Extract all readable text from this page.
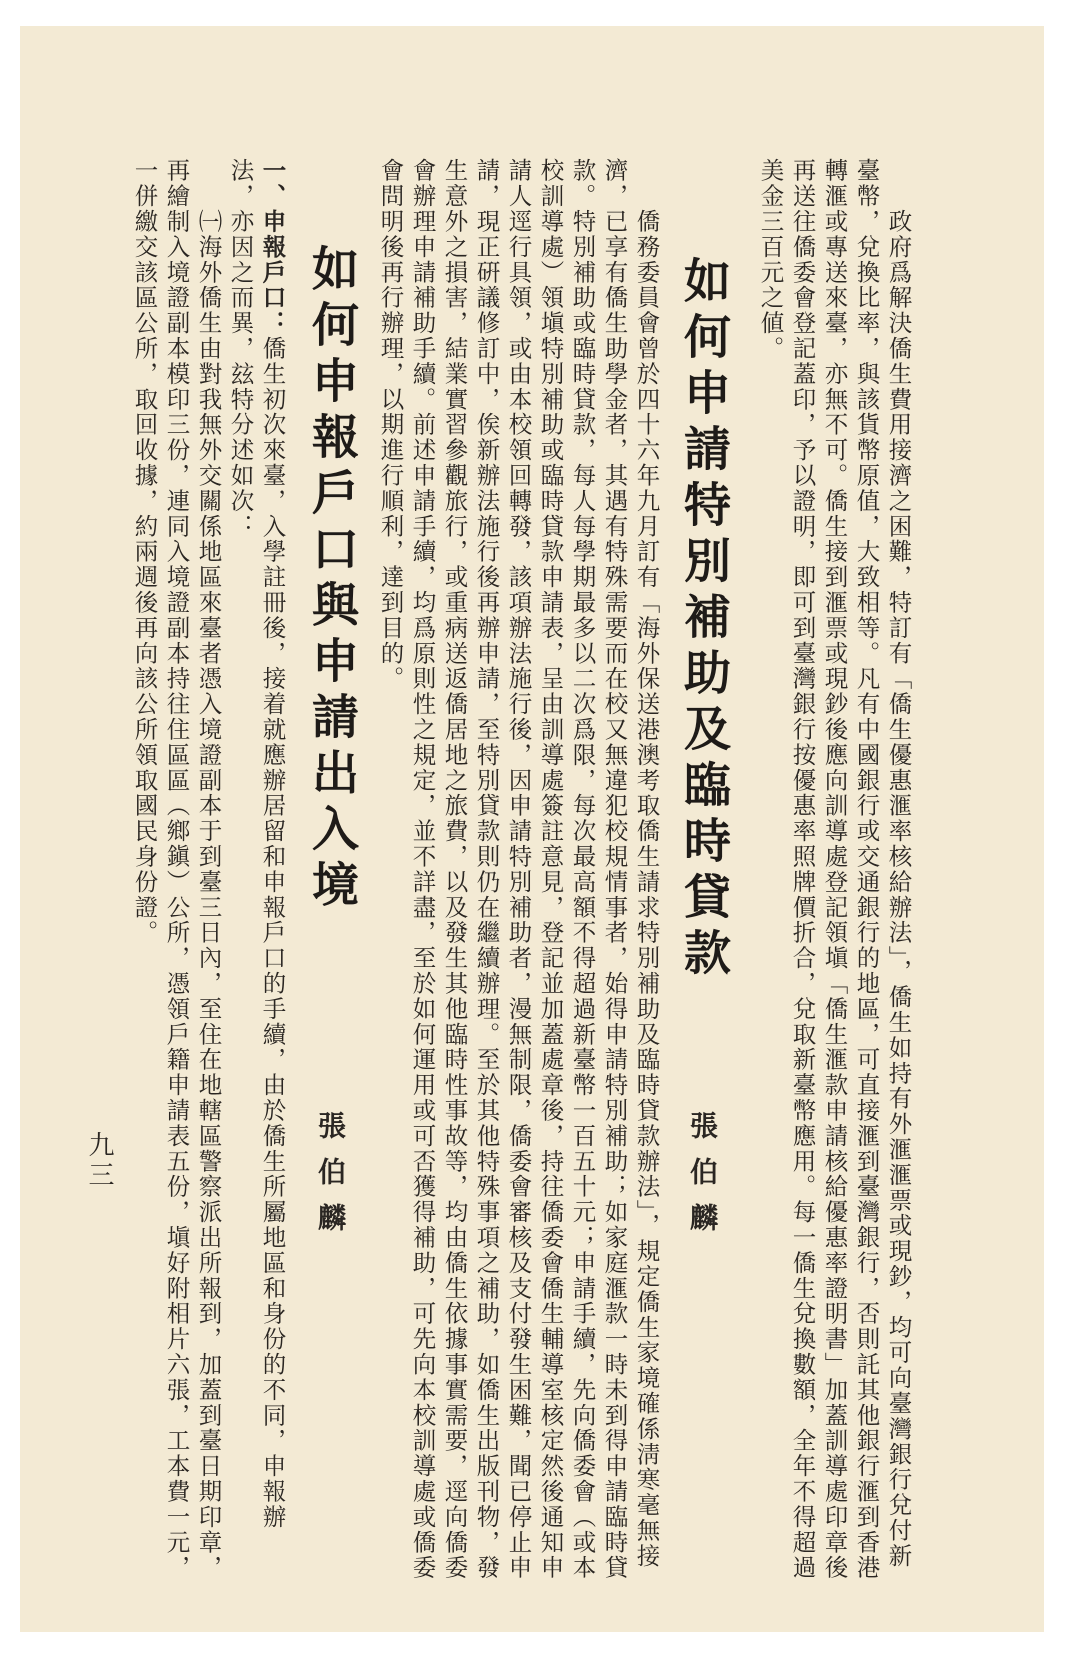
　　政府爲解決僑生費用接濟之困難，特訂有「僑生優惠滙率核給辦法」，僑生如持有外滙滙票或現鈔，均可向臺灣銀行兌付新

臺幣，兌換比率，與該貨幣原值，大致相等。凡有中國銀行或交通銀行的地區，可直接滙到臺灣銀行，否則託其他銀行滙到香港

轉滙或專送來臺，亦無不可。僑生接到滙票或現鈔後應向訓導處登記領塡「僑生滙款申請核給優惠率證明書」加蓋訓導處印章後

再送往僑委會登記蓋印，予以證明，即可到臺灣銀行按優惠率照牌價折合，兌取新臺幣應用。每一僑生兌換數額，全年不得超過

美金三百元之値。

如何申請特別補助及臨時貸款

張伯麟

　　僑務委員會曾於四十六年九月訂有「海外保送港澳考取僑生請求特別補助及臨時貸款辦法」，規定僑生家境確係淸寒毫無接

濟，已享有僑生助學金者，其遇有特殊需要而在校又無違犯校規情事者，始得申請特別補助；如家庭滙款一時未到得申請臨時貸

款。特別補助或臨時貸款，每人每學期最多以二次爲限，每次最高額不得超過新臺幣一百五十元；申請手續，先向僑委會（或本

校訓導處）領塡特別補助或臨時貸款申請表，呈由訓導處簽註意見，登記並加蓋處章後，持往僑委會僑生輔導室核定然後通知申

請人逕行具領，或由本校領回轉發，該項辦法施行後，因申請特別補助者，漫無制限，僑委會審核及支付發生困難，聞已停止申

請，現正硏議修訂中，俟新辦法施行後再辦申請，至特別貸款則仍在繼續辦理。至於其他特殊事項之補助，如僑生出版刊物，發

生意外之損害，結業實習參觀旅行，或重病送返僑居地之旅費，以及發生其他臨時性事故等，均由僑生依據事實需要，逕向僑委

會辦理申請補助手續。前述申請手續，均爲原則性之規定，並不詳盡，至於如何運用或可否獲得補助，可先向本校訓導處或僑委

會問明後再行辦理，以期進行順利，達到目的。

如何申報戶口與申請出入境

張伯麟

一、申報戶口：僑生初次來臺，入學註冊後，接着就應辦居留和申報戶口的手續，由於僑生所屬地區和身份的不同，申報辦

法，亦因之而異，玆特分述如次：

　　㈠海外僑生由對我無外交關係地區來臺者憑入境證副本于到臺三日內，至住在地轄區警察派出所報到，加蓋到臺日期印章，

再繪制入境證副本模印三份，連同入境證副本持往住區區（鄉鎭）公所，憑領戶籍申請表五份，塡好附相片六張，工本費一元，

一併繳交該區公所，取回收據，約兩週後再向該公所領取國民身份證。

九三
